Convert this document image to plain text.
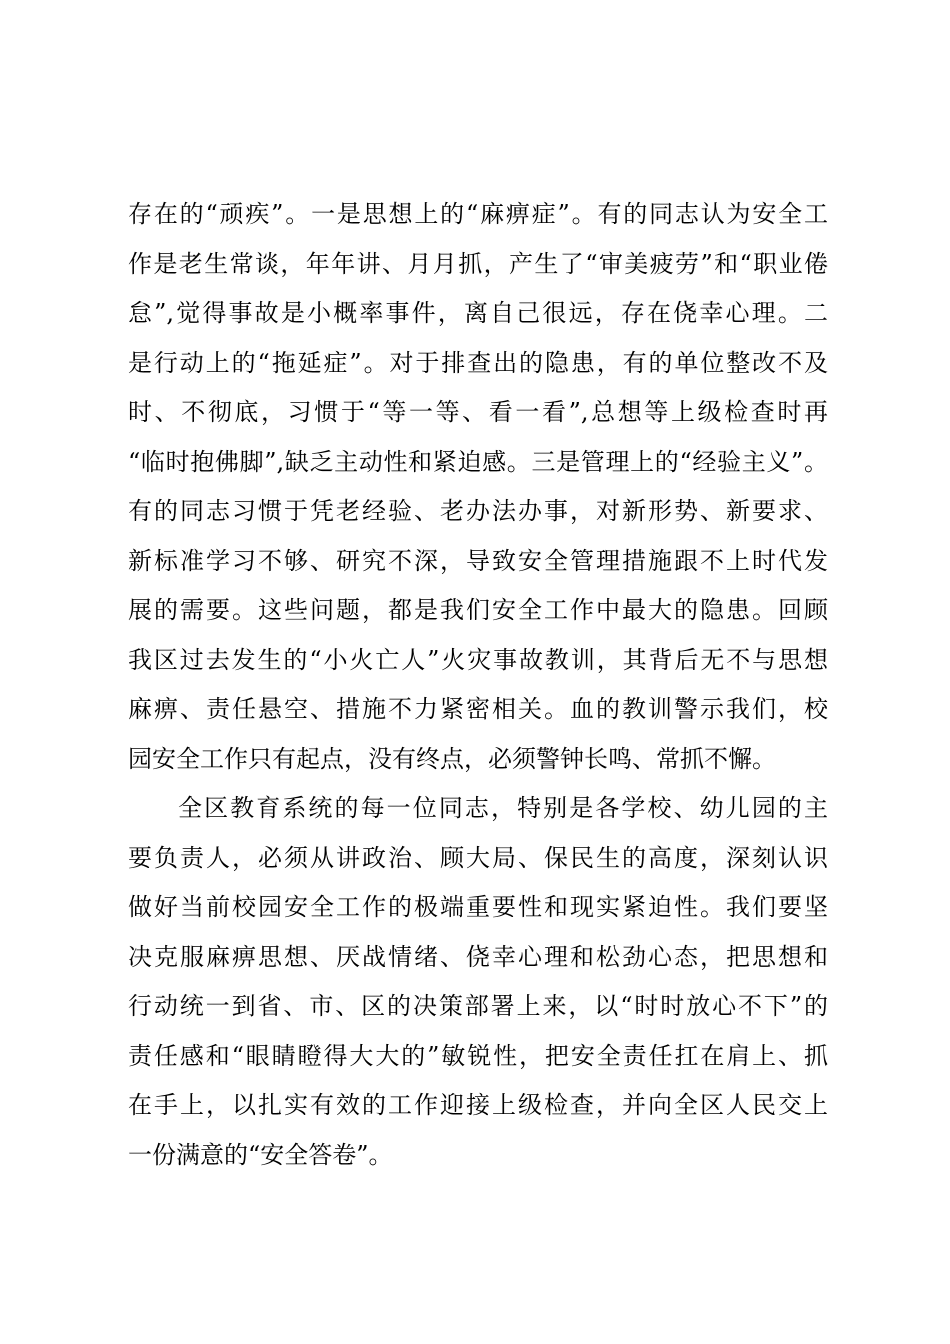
存在的“顽疾”。一是思想上的“麻痹症”。有的同志认为安全工
作是老生常谈，年年讲、月月抓，产生了“审美疲劳”和“职业倦
怠”,觉得事故是小概率事件，离自己很远，存在侥幸心理。二
是行动上的“拖延症”。对于排查出的隐患，有的单位整改不及
时、不彻底，习惯于“等一等、看一看”,总想等上级检查时再
“临时抱佛脚”,缺乏主动性和紧迫感。三是管理上的“经验主义”。
有的同志习惯于凭老经验、老办法办事，对新形势、新要求、
新标准学习不够、研究不深，导致安全管理措施跟不上时代发
展的需要。这些问题，都是我们安全工作中最大的隐患。回顾
我区过去发生的“小火亡人”火灾事故教训，其背后无不与思想
麻痹、责任悬空、措施不力紧密相关。血的教训警示我们，校
园安全工作只有起点，没有终点，必须警钟长鸣、常抓不懈。
全区教育系统的每一位同志，特别是各学校、幼儿园的主
要负责人，必须从讲政治、顾大局、保民生的高度，深刻认识
做好当前校园安全工作的极端重要性和现实紧迫性。我们要坚
决克服麻痹思想、厌战情绪、侥幸心理和松劲心态，把思想和
行动统一到省、市、区的决策部署上来，以“时时放心不下”的
责任感和“眼睛瞪得大大的”敏锐性，把安全责任扛在肩上、抓
在手上，以扎实有效的工作迎接上级检查，并向全区人民交上
一份满意的“安全答卷”。
